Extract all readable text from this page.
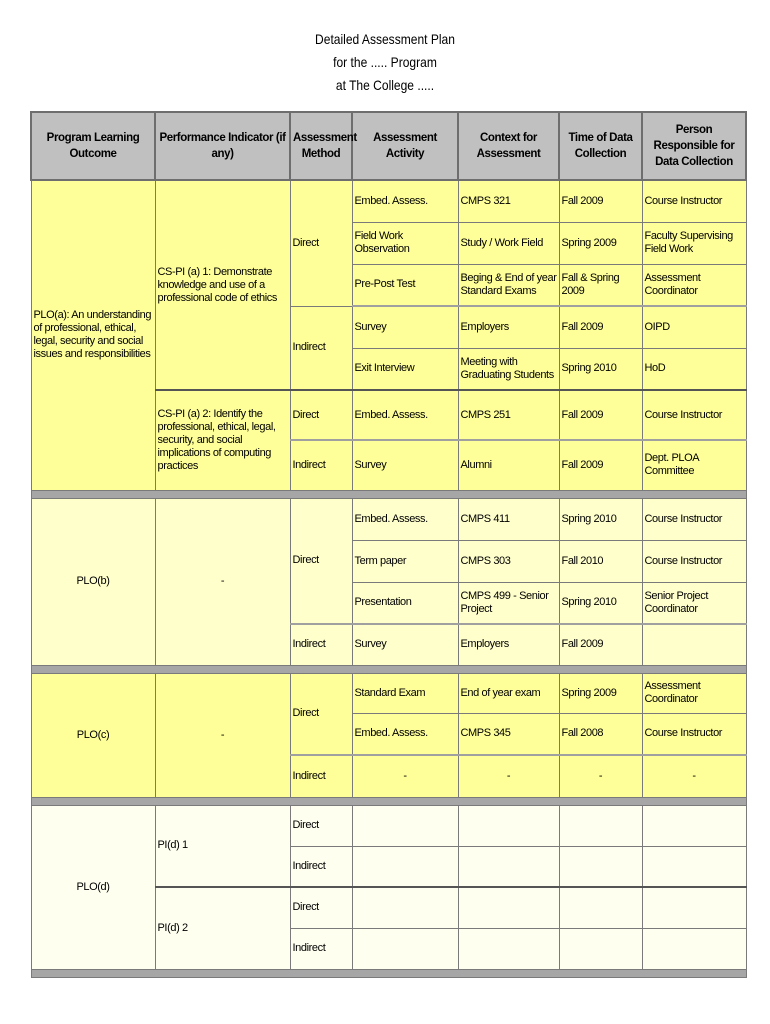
Detailed Assessment Plan
for the ..... Program
at The College .....
Program Learning Outcome	Performance Indicator (if any)	Assessment Method	Assessment Activity	Context for Assessment	Time of Data Collection	Person Responsible for Data Collection
PLO(a): An understanding of professional, ethical, legal, security and social issues and responsibilities	CS-PI (a) 1: Demonstrate knowledge and use of a professional code of ethics	Direct	Embed. Assess.	CMPS 321	Fall 2009	Course Instructor
			Field Work Observation	Study / Work Field	Spring 2009	Faculty Supervising Field Work
			Pre-Post Test	Beging & End of year Standard Exams	Fall & Spring 2009	Assessment Coordinator
		Indirect	Survey	Employers	Fall 2009	OIPD
			Exit Interview	Meeting with Graduating Students	Spring 2010	HoD
	CS-PI (a) 2: Identify the professional, ethical, legal, security, and social implications of computing practices	Direct	Embed. Assess.	CMPS 251	Fall 2009	Course Instructor
		Indirect	Survey	Alumni	Fall 2009	Dept. PLOA Committee

PLO(b)	-	Direct	Embed. Assess.	CMPS 411	Spring 2010	Course Instructor
			Term paper	CMPS 303	Fall 2010	Course Instructor
			Presentation	CMPS 499 - Senior Project	Spring 2010	Senior Project Coordinator
		Indirect	Survey	Employers	Fall 2009	

PLO(c)	-	Direct	Standard Exam	End of year exam	Spring 2009	Assessment Coordinator
			Embed. Assess.	CMPS 345	Fall 2008	Course Instructor
		Indirect	-	-	-	-

PLO(d)	PI(d) 1	Direct				
		Indirect				
	PI(d) 2	Direct				
		Indirect				
